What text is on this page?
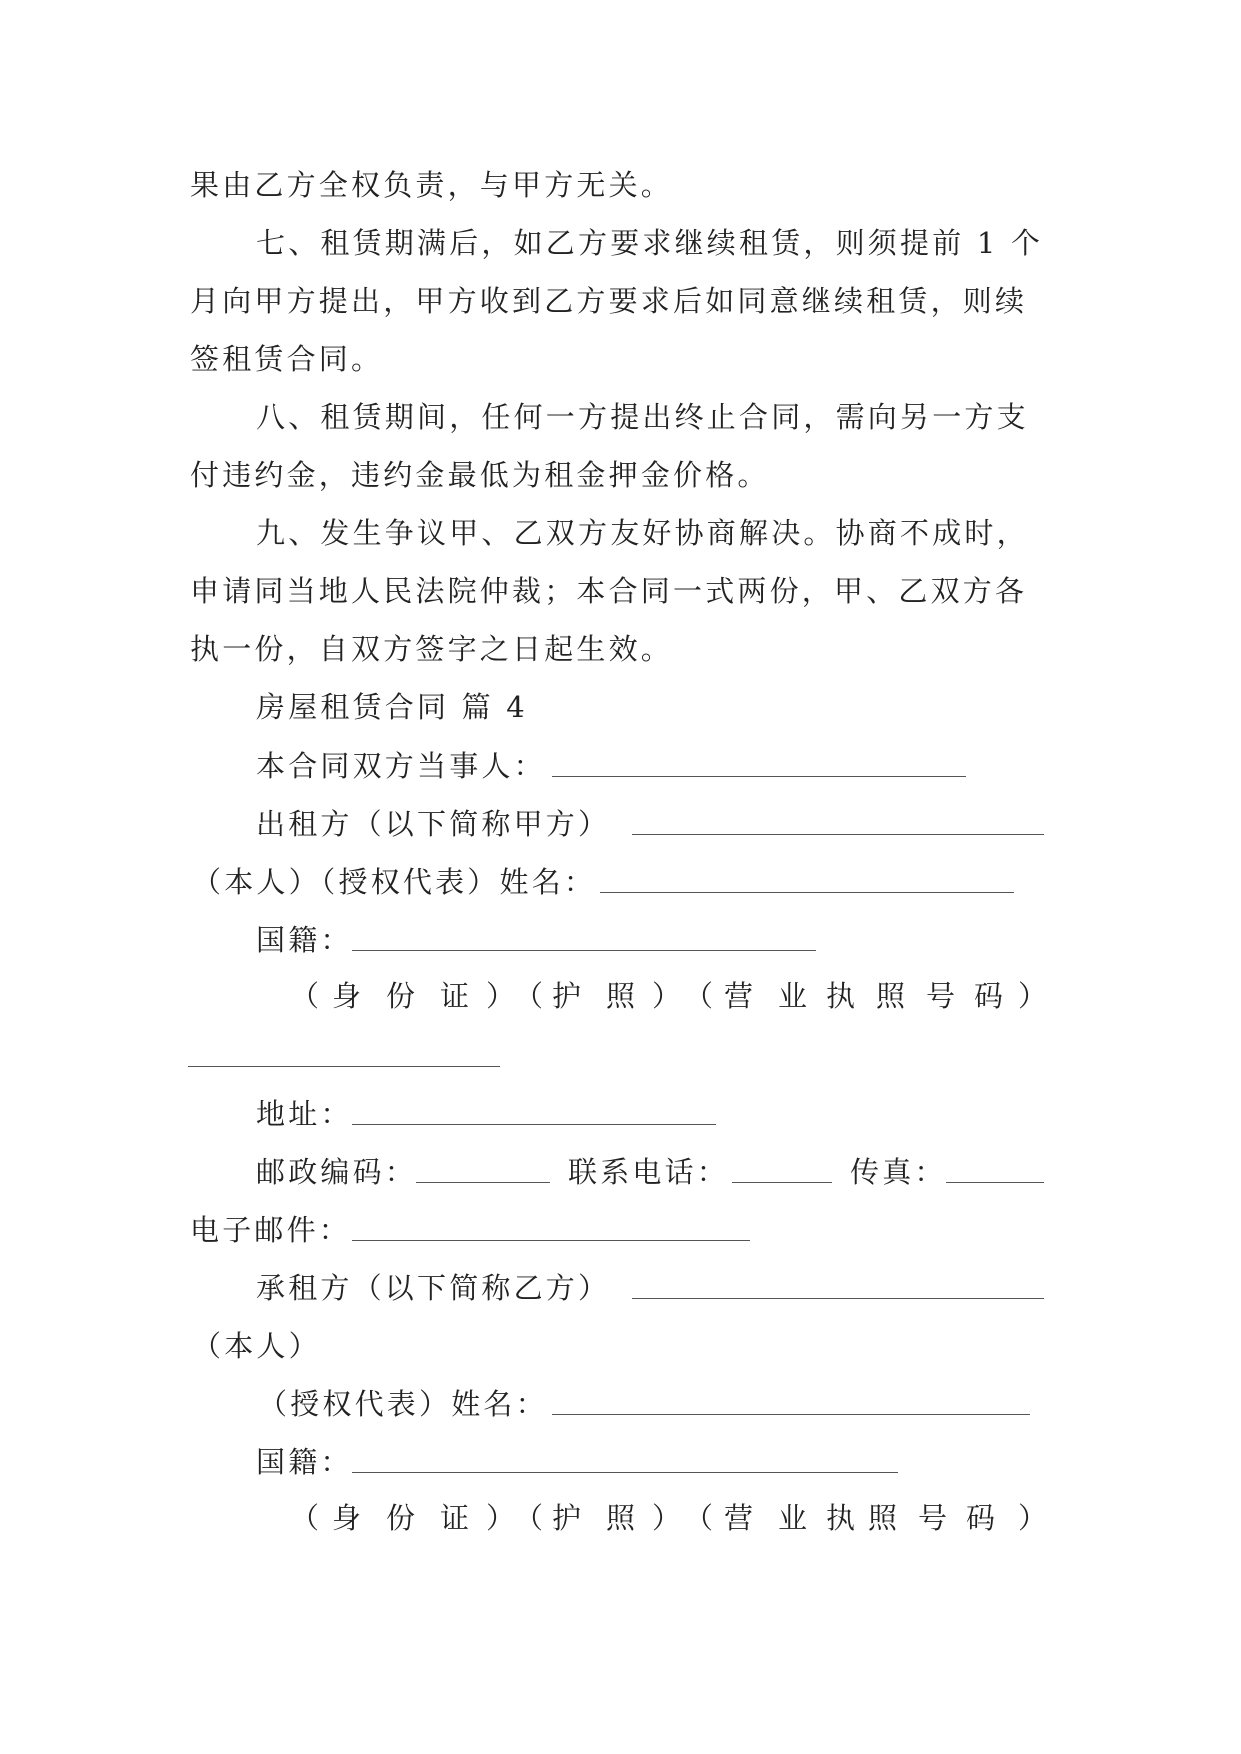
果由乙方全权负责，与甲方无关。
七、租赁期满后，如乙方要求继续租赁，则须提前 1 个
月向甲方提出，甲方收到乙方要求后如同意继续租赁，则续
签租赁合同。
八、租赁期间，任何一方提出终止合同，需向另一方支
付违约金，违约金最低为租金押金价格。
九、发生争议甲、乙双方友好协商解决。协商不成时，
申请同当地人民法院仲裁；本合同一式两份，甲、乙双方各
执一份，自双方签字之日起生效。
房屋租赁合同 篇 4
本合同双方当事人：
出租方（以下简称甲方）
（本人）（授权代表）姓名：
国籍：
（ 身 份 证 ）
（ 护 照 ） （ 营 业 执 照 号 码 ）
地址：
邮政编码：	联系电话：	传真：
电子邮件：
承租方（以下简称乙方）
（本人）
（授权代表）姓名：
国籍：
（ 身 份 证 ）
（ 护 照 ） （ 营 业 执 照 号 码 ）
